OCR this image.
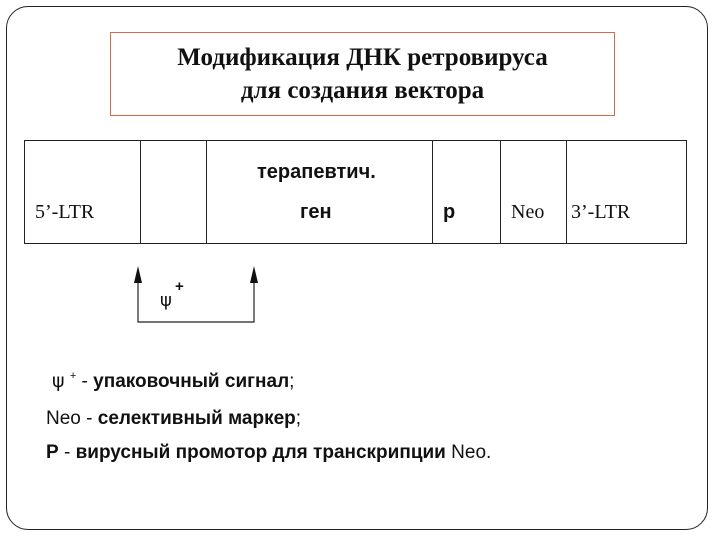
Модификация ДНК ретровируса
для создания вектора
5’-LTR
терапевтич.
ген	р	Neo 3’-LTR
ψ
+
ψ + - упаковочный сигнал;
Neo - селективный маркер;
Р - вирусный промотор для транскрипции Neo.
